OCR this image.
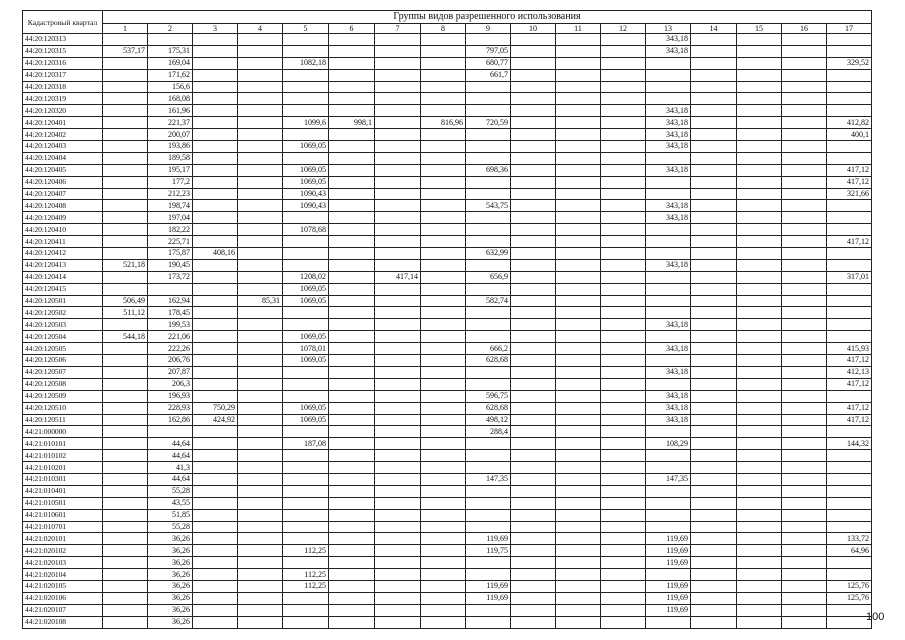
Кадастровый квартал	Группы видов разрешенного использования																
	1	2	3	4	5	6	7	8	9	10	11	12	13	14	15	16	17
44:20:120313													343,18				
44:20:120315	537,17	175,31							797,05				343,18				
44:20:120316		169,04			1082,18				680,77								329,52
44:20:120317		171,62							661,7								
44:20:120318		156,6															
44:20:120319		168,08															
44:20:120320		161,96											343,18				
44:20:120401		221,37			1099,6	998,1		816,96	720,59				343,18				412,82
44:20:120402		200,07											343,18				400,1
44:20:120403		193,86			1069,05								343,18				
44:20:120404		189,58															
44:20:120405		195,17			1069,05				698,36				343,18				417,12
44:20:120406		177,2			1069,05												417,12
44:20:120407		212,23			1090,43												321,66
44:20:120408		198,74			1090,43				543,75				343,18				
44:20:120409		197,04											343,18				
44:20:120410		182,22			1078,68												
44:20:120411		225,71															417,12
44:20:120412		175,87	408,16						632,99								
44:20:120413	521,18	190,45											343,18				
44:20:120414		173,72			1208,02		417,14		656,9								317,01
44:20:120415					1069,05												
44:20:120501	506,49	162,94		85,31	1069,05				582,74								
44:20:120502	511,12	178,45															
44:20:120503		199,53											343,18				
44:20:120504	544,18	221,06			1069,05												
44:20:120505		222,26			1078,01				666,2				343,18				415,93
44:20:120506		206,76			1069,05				628,68								417,12
44:20:120507		207,87											343,18				412,13
44:20:120508		206,3															417,12
44:20:120509		196,93							596,75				343,18				
44:20:120510		228,93	750,29		1069,05				628,68				343,18				417,12
44:20:120511		162,86	424,92		1069,05				498,12				343,18				417,12
44:21:000000									288,4								
44:21:010101		44,64			187,08								108,29				144,32
44:21:010102		44,64															
44:21:010201		41,3															
44:21:010301		44,64							147,35				147,35				
44:21:010401		55,28															
44:21:010501		43,55															
44:21:010601		51,85															
44:21:010701		55,28															
44:21:020101		36,26							119,69				119,69				133,72
44:21:020102		36,26			112,25				119,75				119,69				64,96
44:21:020103		36,26											119,69				
44:21:020104		36,26			112,25												
44:21:020105		36,26			112,25				119,69				119,69				125,76
44:21:020106		36,26							119,69				119,69				125,76
44:21:020107		36,26											119,69				
44:21:020108		36,26																100
